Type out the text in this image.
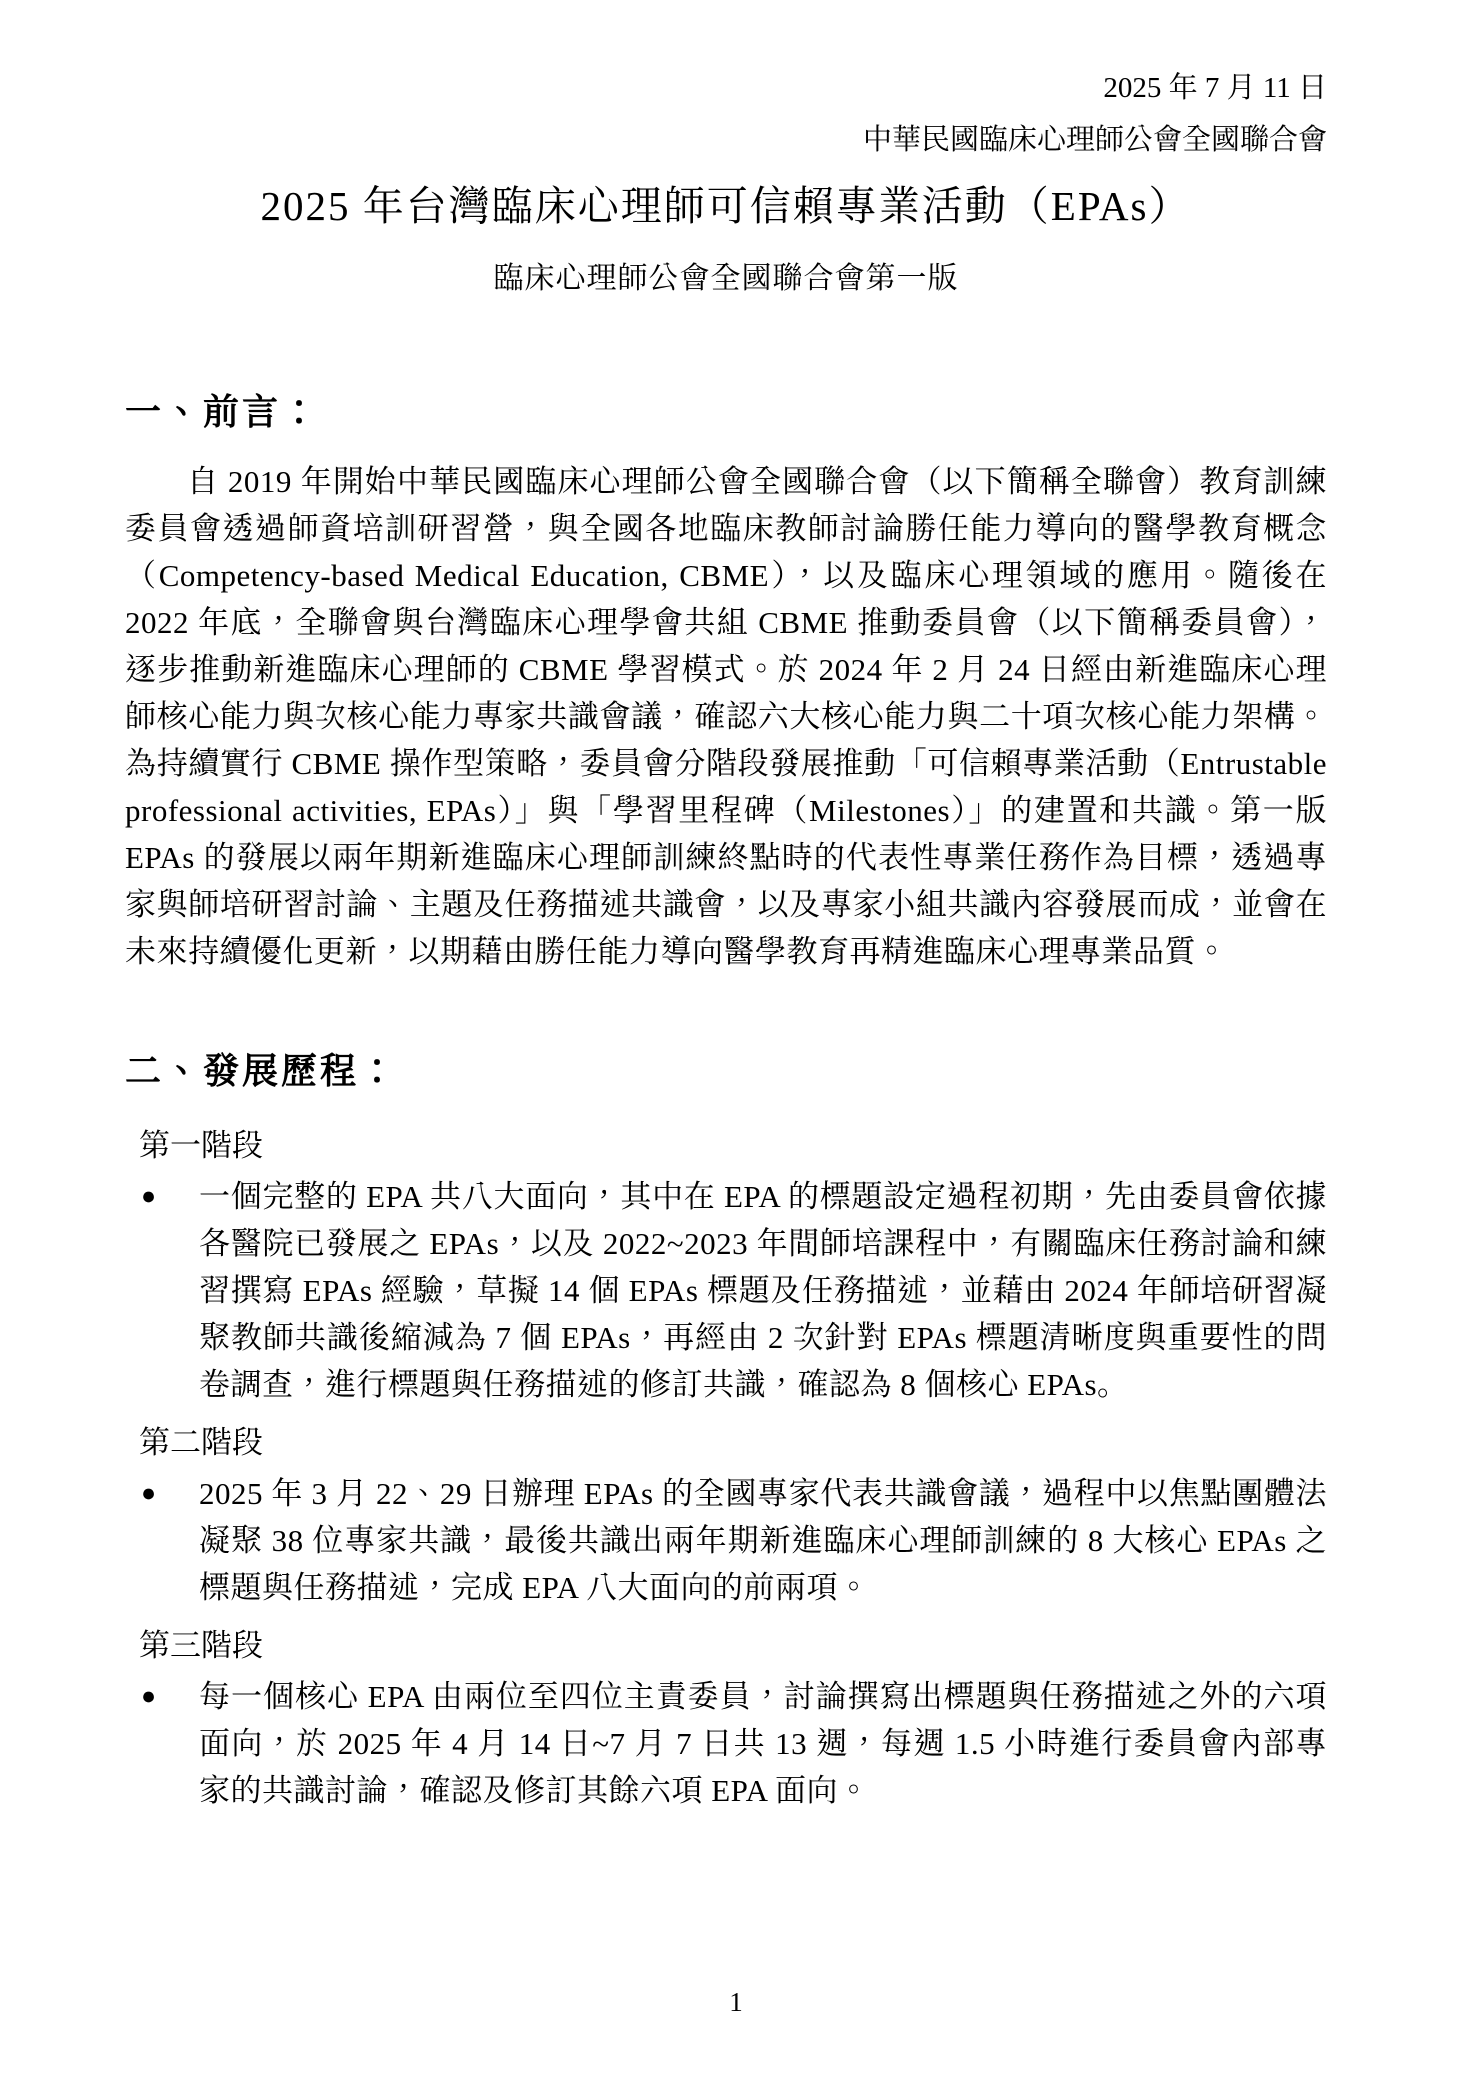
2025 年 7 月 11 日
中華民國臨床心理師公會全國聯合會
2025 年台灣臨床心理師可信賴專業活動（EPAs）
臨床心理師公會全國聯合會第一版
一、前言：
自 2019 年開始中華民國臨床心理師公會全國聯合會（以下簡稱全聯會）教育訓練委員會透過師資培訓研習營，與全國各地臨床教師討論勝任能力導向的醫學教育概念（Competency-based Medical Education, CBME），以及臨床心理領域的應用。隨後在 2022 年底，全聯會與台灣臨床心理學會共組 CBME 推動委員會（以下簡稱委員會），逐步推動新進臨床心理師的 CBME 學習模式。於 2024 年 2 月 24 日經由新進臨床心理師核心能力與次核心能力專家共識會議，確認六大核心能力與二十項次核心能力架構。為持續實行 CBME 操作型策略，委員會分階段發展推動「可信賴專業活動（Entrustable professional activities, EPAs）」與「學習里程碑（Milestones）」的建置和共識。第一版 EPAs 的發展以兩年期新進臨床心理師訓練終點時的代表性專業任務作為目標，透過專家與師培研習討論、主題及任務描述共識會，以及專家小組共識內容發展而成，並會在未來持續優化更新，以期藉由勝任能力導向醫學教育再精進臨床心理專業品質。
二、發展歷程：
第一階段
●	一個完整的 EPA 共八大面向，其中在 EPA 的標題設定過程初期，先由委員會依據各醫院已發展之 EPAs，以及 2022~2023 年間師培課程中，有關臨床任務討論和練習撰寫 EPAs 經驗，草擬 14 個 EPAs 標題及任務描述，並藉由 2024 年師培研習凝聚教師共識後縮減為 7 個 EPAs，再經由 2 次針對 EPAs 標題清晰度與重要性的問卷調查，進行標題與任務描述的修訂共識，確認為 8 個核心 EPAs。
第二階段
●	2025 年 3 月 22、29 日辦理 EPAs 的全國專家代表共識會議，過程中以焦點團體法凝聚 38 位專家共識，最後共識出兩年期新進臨床心理師訓練的 8 大核心 EPAs 之標題與任務描述，完成 EPA 八大面向的前兩項。
第三階段
●	每一個核心 EPA 由兩位至四位主責委員，討論撰寫出標題與任務描述之外的六項面向，於 2025 年 4 月 14 日~7 月 7 日共 13 週，每週 1.5 小時進行委員會內部專家的共識討論，確認及修訂其餘六項 EPA 面向。
1
